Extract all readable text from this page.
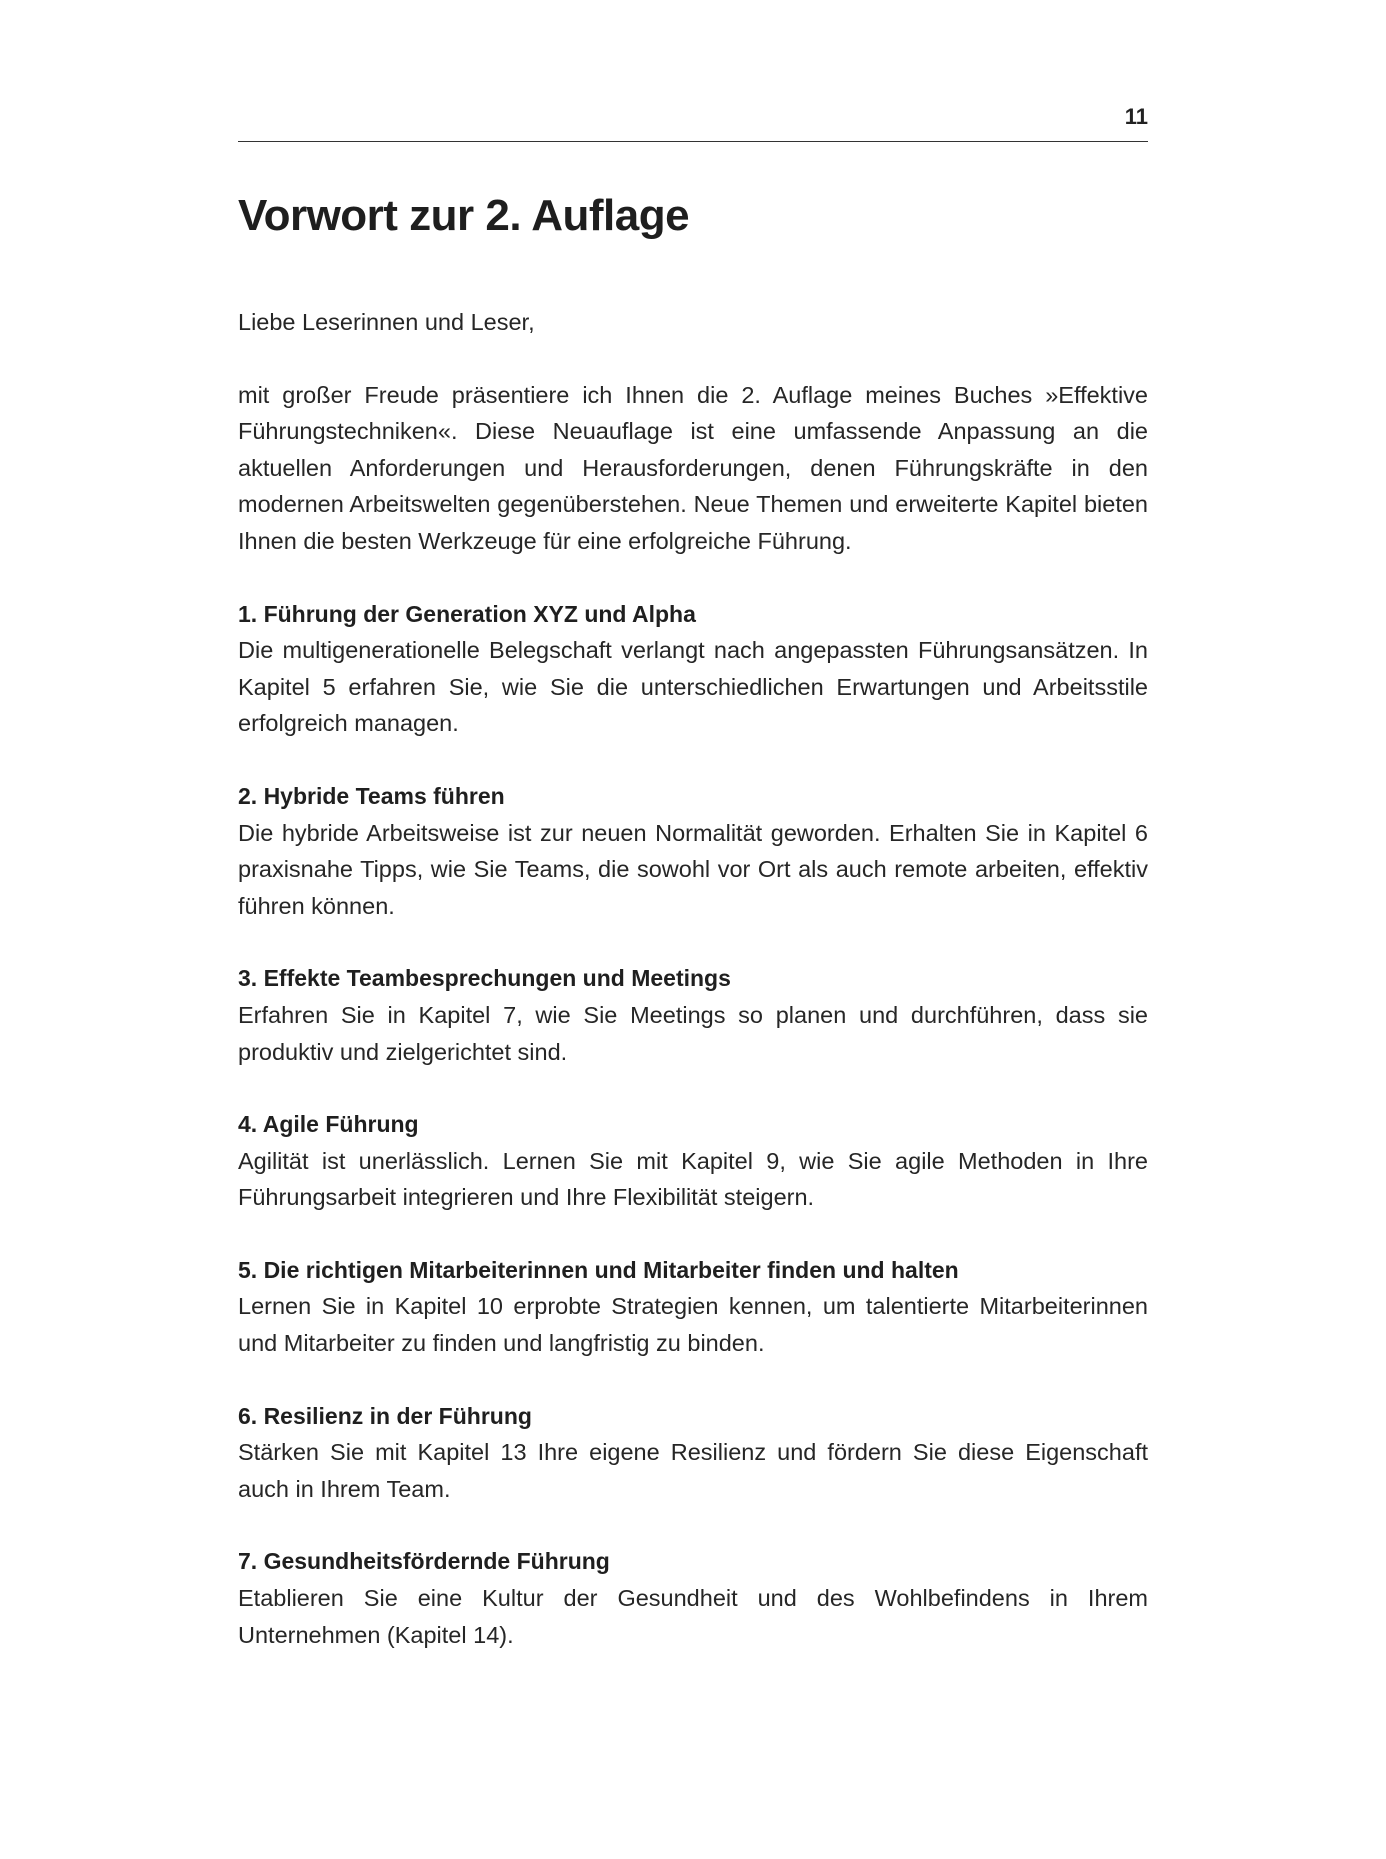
11
Vorwort zur 2. Auflage

Liebe Leserinnen und Leser,

mit großer Freude präsentiere ich Ihnen die 2. Auflage meines Buches »Effektive Führungstechniken«. Diese Neuauflage ist eine umfassende Anpassung an die aktuellen Anforderungen und Herausforderungen, denen Führungskräfte in den modernen Arbeitswelten gegenüberstehen. Neue Themen und erweiterte Kapitel bieten Ihnen die besten Werkzeuge für eine erfolgreiche Führung.

1. Führung der Generation XYZ und Alpha

Die multigenerationelle Belegschaft verlangt nach angepassten Führungsansätzen. In Kapitel 5 erfahren Sie, wie Sie die unterschiedlichen Erwartungen und Arbeitsstile erfolgreich managen.

2. Hybride Teams führen

Die hybride Arbeitsweise ist zur neuen Normalität geworden. Erhalten Sie in Kapitel 6 praxisnahe Tipps, wie Sie Teams, die sowohl vor Ort als auch remote arbeiten, effektiv führen können.

3. Effekte Teambesprechungen und Meetings

Erfahren Sie in Kapitel 7, wie Sie Meetings so planen und durchführen, dass sie produktiv und zielgerichtet sind.

4. Agile Führung

Agilität ist unerlässlich. Lernen Sie mit Kapitel 9, wie Sie agile Methoden in Ihre Führungsarbeit integrieren und Ihre Flexibilität steigern.

5. Die richtigen Mitarbeiterinnen und Mitarbeiter finden und halten

Lernen Sie in Kapitel 10 erprobte Strategien kennen, um talentierte Mitarbeiterinnen und Mitarbeiter zu finden und langfristig zu binden.

6. Resilienz in der Führung

Stärken Sie mit Kapitel 13 Ihre eigene Resilienz und fördern Sie diese Eigenschaft auch in Ihrem Team.

7. Gesundheitsfördernde Führung

Etablieren Sie eine Kultur der Gesundheit und des Wohlbefindens in Ihrem Unternehmen (Kapitel 14).
